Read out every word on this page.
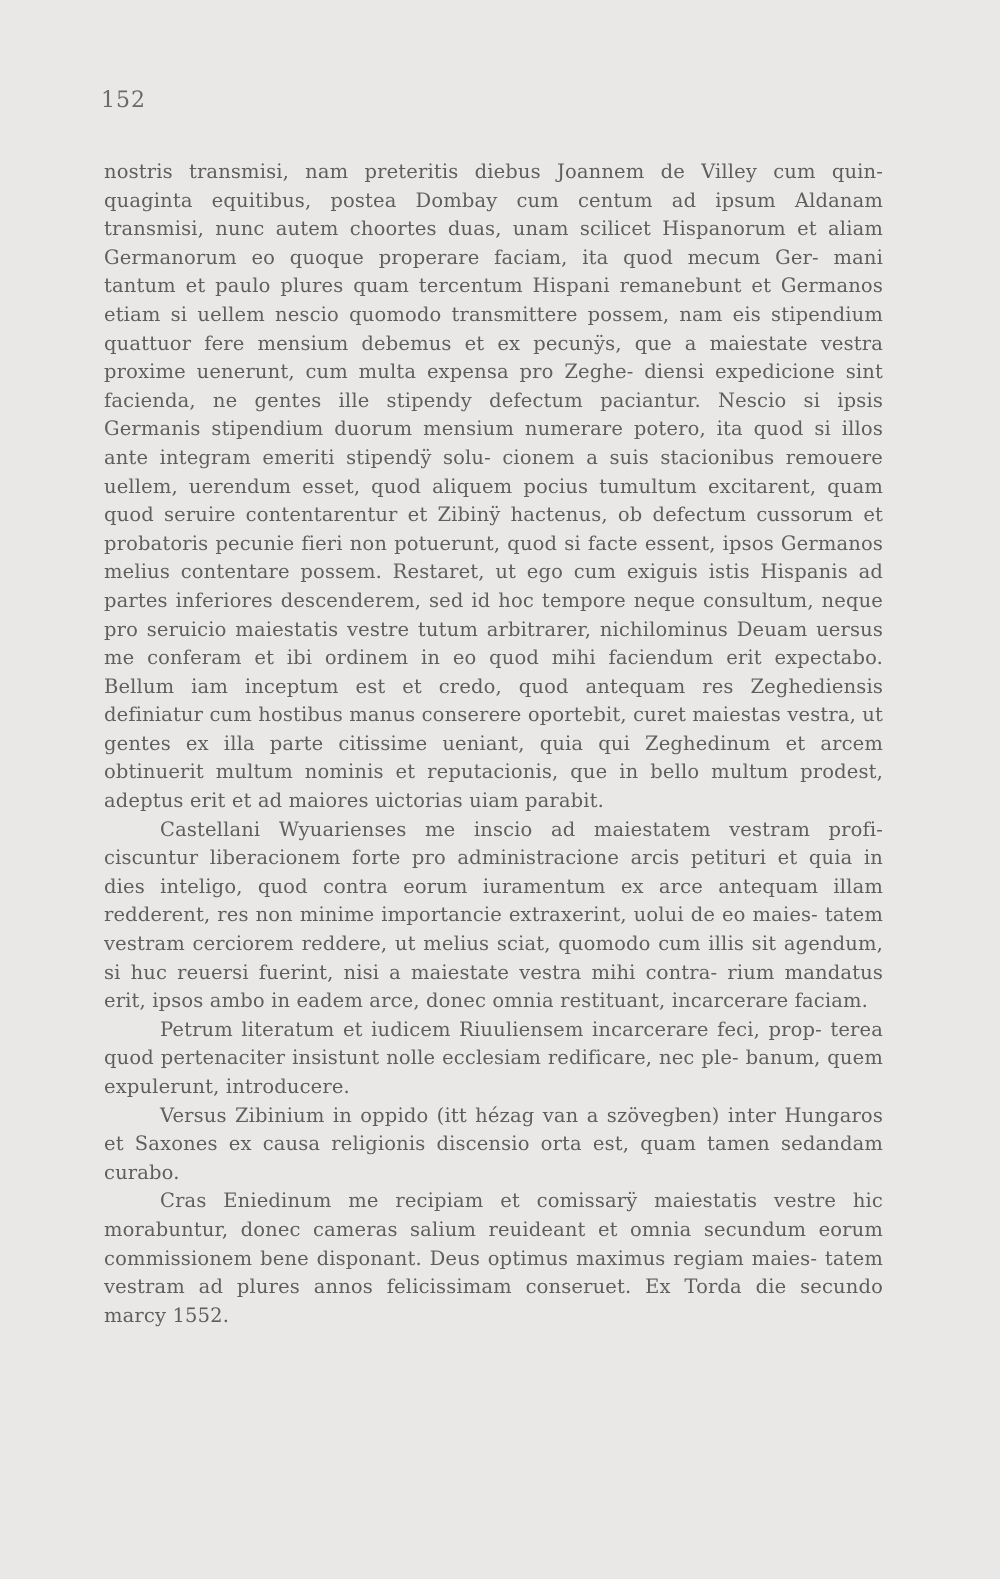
152

nostris transmisi, nam preteritis diebus Joannem de Villey cum quin- quaginta equitibus, postea Dombay cum centum ad ipsum Aldanam transmisi, nunc autem choortes duas, unam scilicet Hispanorum et aliam Germanorum eo quoque properare faciam, ita quod mecum Ger- mani tantum et paulo plures quam tercentum Hispani remanebunt et Germanos etiam si uellem nescio quomodo transmittere possem, nam eis stipendium quattuor fere mensium debemus et ex pecunÿs, que a maiestate vestra proxime uenerunt, cum multa expensa pro Zeghe- diensi expedicione sint facienda, ne gentes ille stipendy defectum paciantur. Nescio si ipsis Germanis stipendium duorum mensium numerare potero, ita quod si illos ante integram emeriti stipendÿ solu- cionem a suis stacionibus remouere uellem, uerendum esset, quod aliquem pocius tumultum excitarent, quam quod seruire contentarentur et Zibinÿ hactenus, ob defectum cussorum et probatoris pecunie fieri non potuerunt, quod si facte essent, ipsos Germanos melius contentare possem. Restaret, ut ego cum exiguis istis Hispanis ad partes inferiores descenderem, sed id hoc tempore neque consultum, neque pro seruicio maiestatis vestre tutum arbitrarer, nichilominus Deuam uersus me conferam et ibi ordinem in eo quod mihi faciendum erit expectabo. Bellum iam inceptum est et credo, quod antequam res Zeghediensis definiatur cum hostibus manus conserere oportebit, curet maiestas vestra, ut gentes ex illa parte citissime ueniant, quia qui Zeghedinum et arcem obtinuerit multum nominis et reputacionis, que in bello multum prodest, adeptus erit et ad maiores uictorias uiam parabit.

Castellani Wyuarienses me inscio ad maiestatem vestram profi- ciscuntur liberacionem forte pro administracione arcis petituri et quia in dies inteligo, quod contra eorum iuramentum ex arce antequam illam redderent, res non minime importancie extraxerint, uolui de eo maies- tatem vestram cerciorem reddere, ut melius sciat, quomodo cum illis sit agendum, si huc reuersi fuerint, nisi a maiestate vestra mihi contra- rium mandatus erit, ipsos ambo in eadem arce, donec omnia restituant, incarcerare faciam.

Petrum literatum et iudicem Riuuliensem incarcerare feci, prop- terea quod pertenaciter insistunt nolle ecclesiam redificare, nec ple- banum, quem expulerunt, introducere.

Versus Zibinium in oppido (itt hézag van a szövegben) inter Hungaros et Saxones ex causa religionis discensio orta est, quam tamen sedandam curabo.

Cras Eniedinum me recipiam et comissarÿ maiestatis vestre hic morabuntur, donec cameras salium reuideant et omnia secundum eorum commissionem bene disponant. Deus optimus maximus regiam maies- tatem vestram ad plures annos felicissimam conseruet. Ex Torda die secundo marcy 1552.
